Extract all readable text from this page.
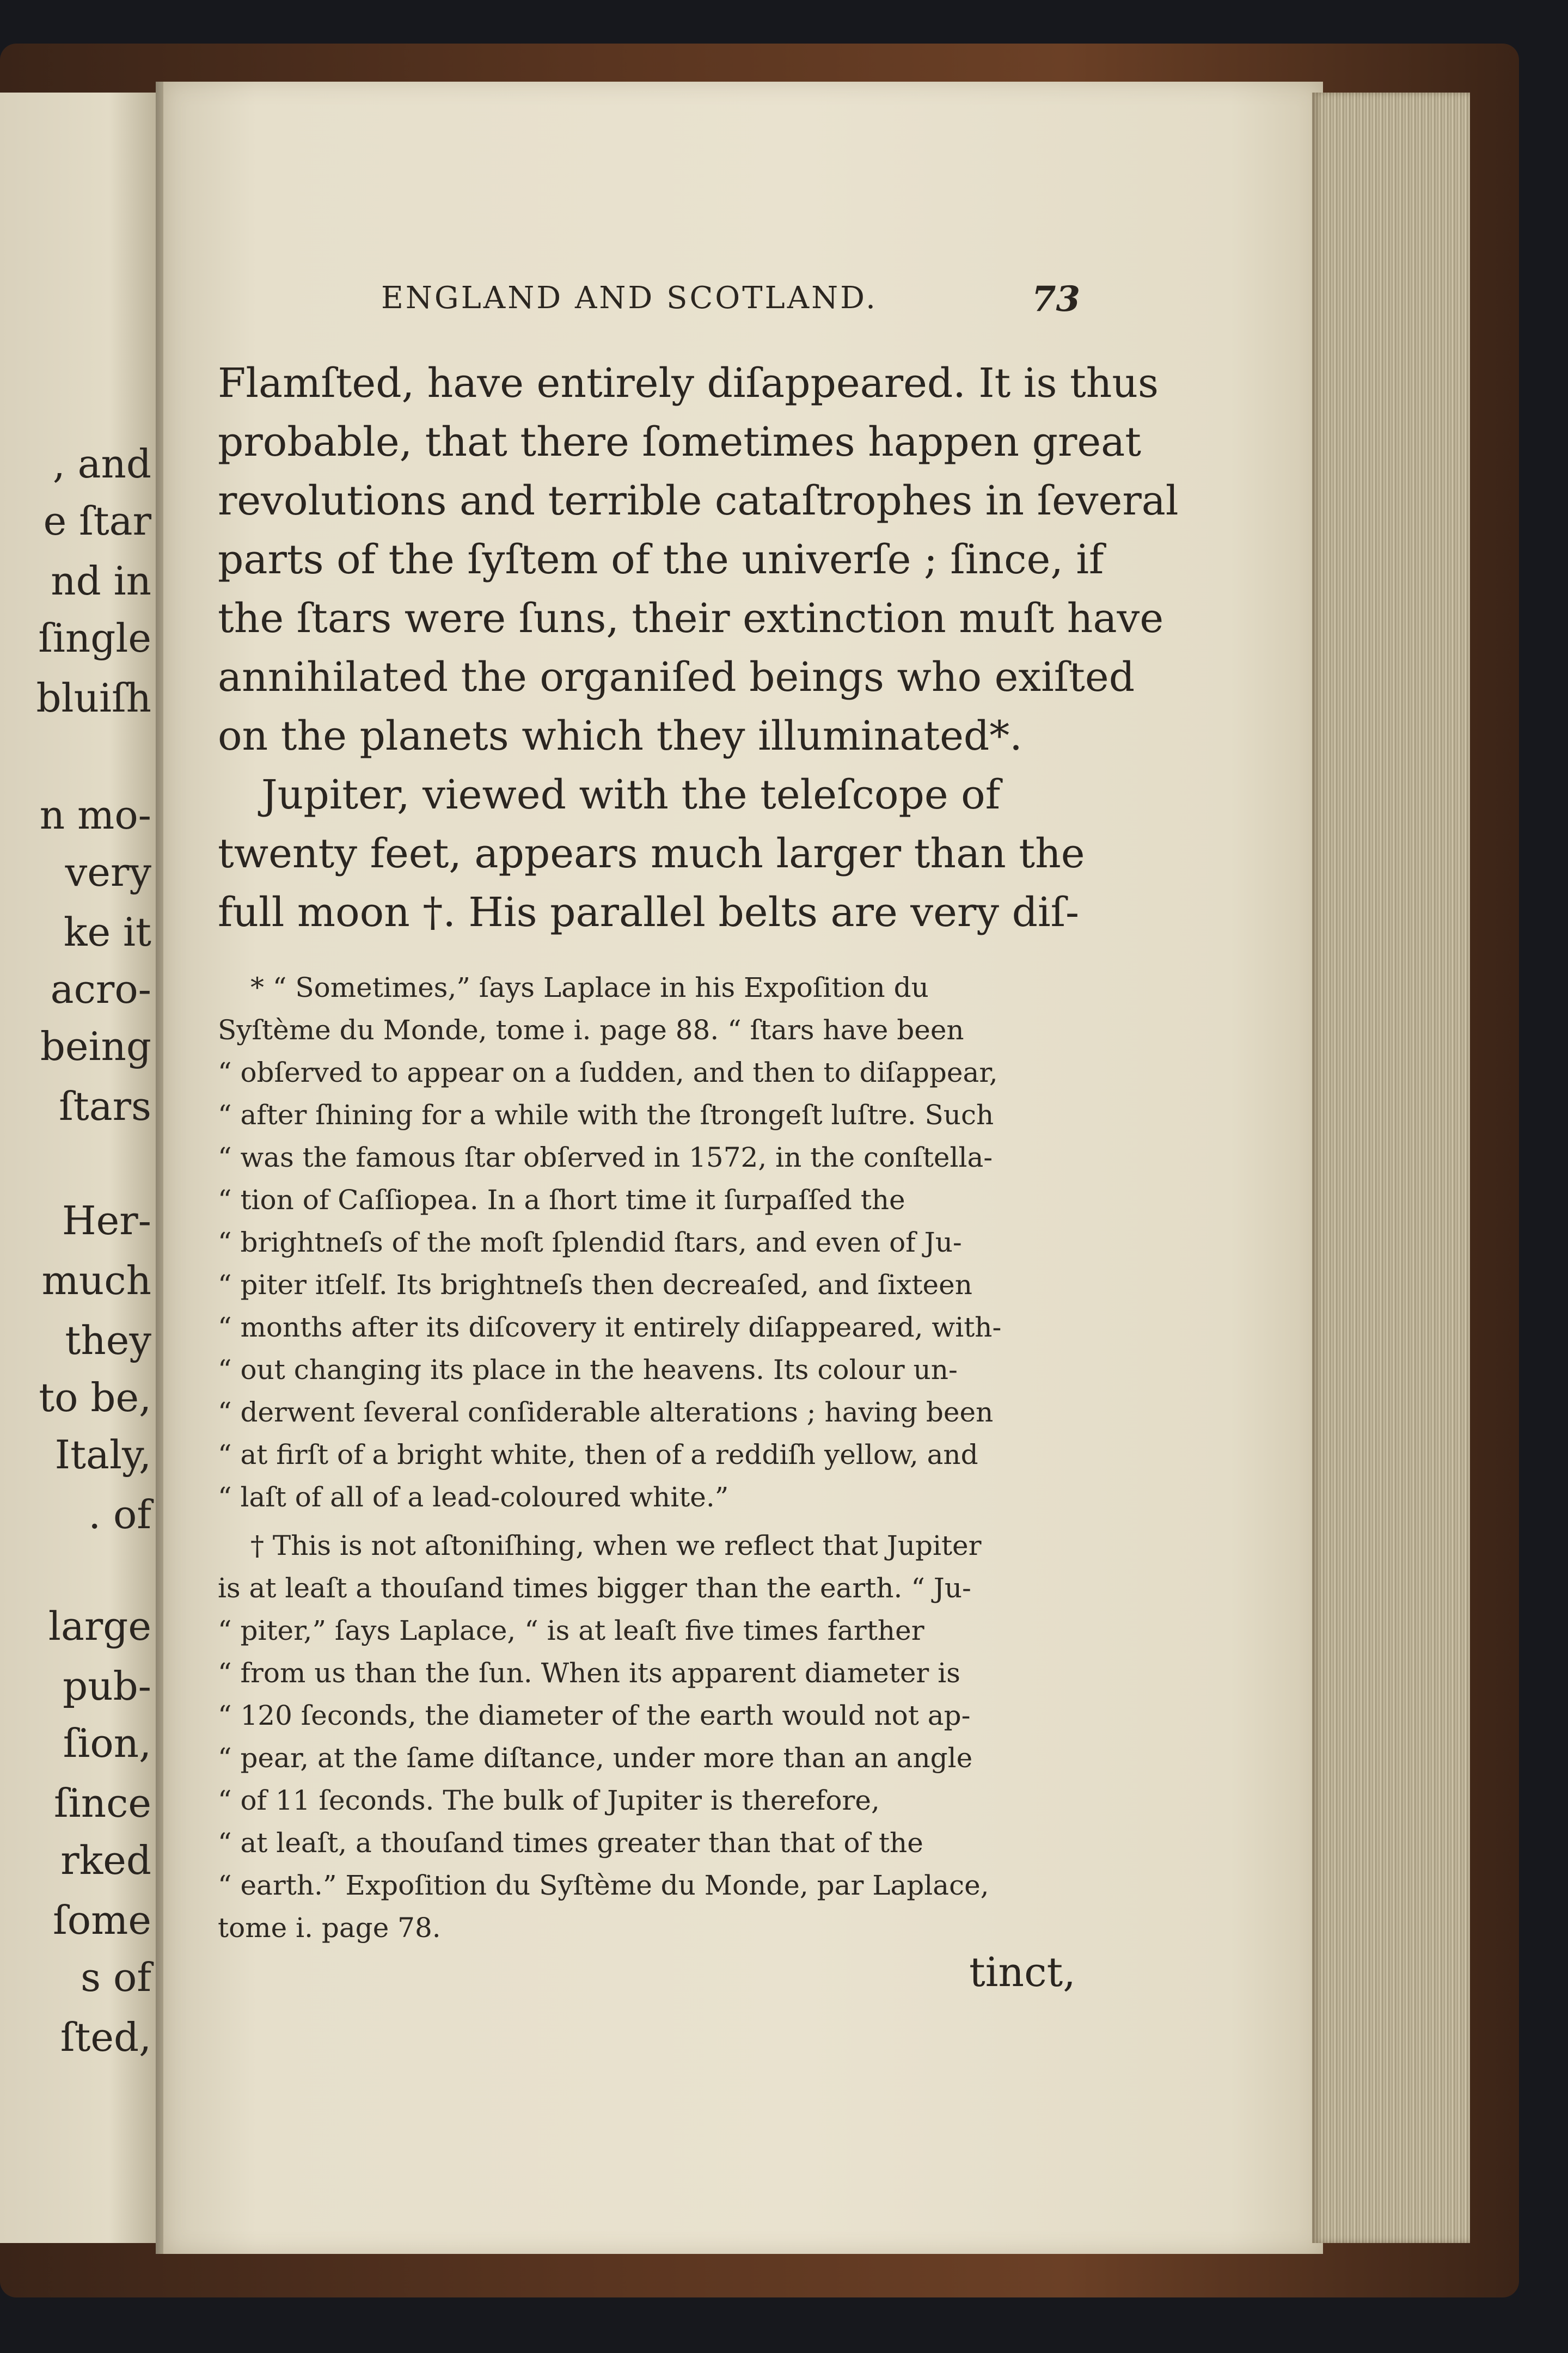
, and
e ſtar
nd in
ſingle
bluiſh
n mo-
very
ke it
acro-
being
ſtars
Her-
much
they
to be,
Italy,
. of
large
pub-
ſion,
ſince
rked
ſome
s of
ſted,
ENGLAND AND SCOTLAND.	73
Flamſted, have entirely diſappeared. It is thus
probable, that there ſometimes happen great
revolutions and terrible cataſtrophes in ſeveral
parts of the ſyſtem of the univerſe ; ſince, if
the ſtars were ſuns, their extinction muſt have
annihilated the organiſed beings who exiſted
on the planets which they illuminated*.
Jupiter, viewed with the teleſcope of
twenty feet, appears much larger than the
full moon †. His parallel belts are very diſ-
* “ Sometimes,” ſays Laplace in his Expoſition du
Syſtème du Monde, tome i. page 88. “ ſtars have been
“ obſerved to appear on a ſudden, and then to diſappear,
“ after ſhining for a while with the ſtrongeſt luſtre. Such
“ was the famous ſtar obſerved in 1572, in the conſtella-
“ tion of Caſſiopea. In a ſhort time it ſurpaſſed the
“ brightneſs of the moſt ſplendid ſtars, and even of Ju-
“ piter itſelf. Its brightneſs then decreaſed, and ſixteen
“ months after its diſcovery it entirely diſappeared, with-
“ out changing its place in the heavens. Its colour un-
“ derwent ſeveral conſiderable alterations ; having been
“ at firſt of a bright white, then of a reddiſh yellow, and
“ laſt of all of a lead-coloured white.”
† This is not aſtoniſhing, when we reflect that Jupiter
is at leaſt a thouſand times bigger than the earth. “ Ju-
“ piter,” ſays Laplace, “ is at leaſt five times farther
“ from us than the ſun. When its apparent diameter is
“ 120 ſeconds, the diameter of the earth would not ap-
“ pear, at the ſame diſtance, under more than an angle
“ of 11 ſeconds. The bulk of Jupiter is therefore,
“ at leaſt, a thouſand times greater than that of the
“ earth.” Expoſition du Syſtème du Monde, par Laplace,
tome i. page 78.
tinct,
